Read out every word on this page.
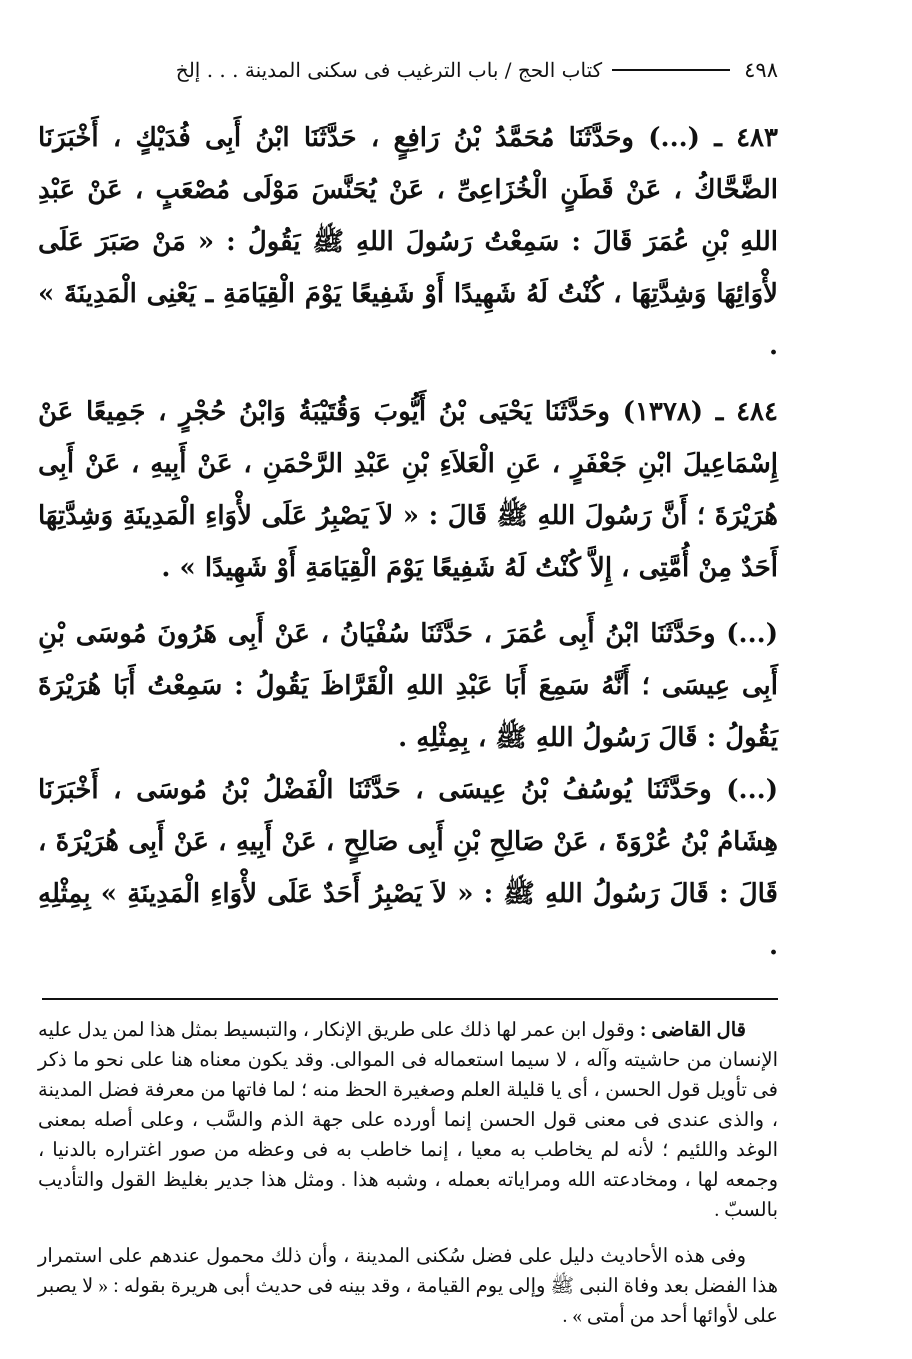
٤٩٨
كتاب الحج / باب الترغيب فى سكنى المدينة . . . إلخ

٤٨٣ ـ (...) وحَدَّثَنَا مُحَمَّدُ بْنُ رَافِعٍ ، حَدَّثَنَا ابْنُ أَبِى فُدَيْكٍ ، أَخْبَرَنَا الضَّحَّاكُ ، عَنْ قَطَنٍ الْخُزَاعِىِّ ، عَنْ يُحَنَّسَ مَوْلَى مُصْعَبٍ ، عَنْ عَبْدِ اللهِ بْنِ عُمَرَ قَالَ : سَمِعْتُ رَسُولَ اللهِ ﷺ يَقُولُ : « مَنْ صَبَرَ عَلَى لأْوَائِهَا وَشِدَّتِهَا ، كُنْتُ لَهُ شَهِيدًا أَوْ شَفِيعًا يَوْمَ الْقِيَامَةِ ـ يَعْنِى الْمَدِينَةَ » .

٤٨٤ ـ (١٣٧٨) وحَدَّثَنَا يَحْيَى بْنُ أَيُّوبَ وَقُتَيْبَةُ وَابْنُ حُجْرٍ ، جَمِيعًا عَنْ إِسْمَاعِيلَ ابْنِ جَعْفَرٍ ، عَنِ الْعَلاَءِ بْنِ عَبْدِ الرَّحْمَنِ ، عَنْ أَبِيهِ ، عَنْ أَبِى هُرَيْرَةَ ؛ أَنَّ رَسُولَ اللهِ ﷺ قَالَ : « لاَ يَصْبِرُ عَلَى لأْوَاءِ الْمَدِينَةِ وَشِدَّتِهَا أَحَدٌ مِنْ أُمَّتِى ، إِلاَّ كُنْتُ لَهُ شَفِيعًا يَوْمَ الْقِيَامَةِ أَوْ شَهِيدًا » .

(...) وحَدَّثَنَا ابْنُ أَبِى عُمَرَ ، حَدَّثَنَا سُفْيَانُ ، عَنْ أَبِى هَرُونَ مُوسَى بْنِ أَبِى عِيسَى ؛ أَنَّهُ سَمِعَ أَبَا عَبْدِ اللهِ الْقَرَّاظَ يَقُولُ : سَمِعْتُ أَبَا هُرَيْرَةَ يَقُولُ : قَالَ رَسُولُ اللهِ ﷺ ، بِمِثْلِهِ .

(...) وحَدَّثَنَا يُوسُفُ بْنُ عِيسَى ، حَدَّثَنَا الْفَضْلُ بْنُ مُوسَى ، أَخْبَرَنَا هِشَامُ بْنُ عُرْوَةَ ، عَنْ صَالِحِ بْنِ أَبِى صَالِحٍ ، عَنْ أَبِيهِ ، عَنْ أَبِى هُرَيْرَةَ ، قَالَ : قَالَ رَسُولُ اللهِ ﷺ : « لاَ يَصْبِرُ أَحَدٌ عَلَى لأْوَاءِ الْمَدِينَةِ » بِمِثْلِهِ .

قال القاضى : وقول ابن عمر لها ذلك على طريق الإنكار ، والتبسيط بمثل هذا لمن يدل عليه الإنسان من حاشيته وآله ، لا سيما استعماله فى الموالى. وقد يكون معناه هنا على نحو ما ذكر فى تأويل قول الحسن ، أى يا قليلة العلم وصغيرة الحظ منه ؛ لما فاتها من معرفة فضل المدينة ، والذى عندى فى معنى قول الحسن إنما أورده على جهة الذم والسَّب ، وعلى أصله بمعنى الوغد واللئيم ؛ لأنه لم يخاطب به معيا ، إنما خاطب به فى وعظه من صور اغتراره بالدنيا ، وجمعه لها ، ومخادعته الله ومراياته بعمله ، وشبه هذا . ومثل هذا جدير بغليظ القول والتأديب بالسبّ .

وفى هذه الأحاديث دليل على فضل سُكنى المدينة ، وأن ذلك محمول عندهم على استمرار هذا الفضل بعد وفاة النبى ﷺ وإلى يوم القيامة ، وقد بينه فى حديث أبى هريرة بقوله : « لا يصبر على لأوائها أحد من أمتى » .
